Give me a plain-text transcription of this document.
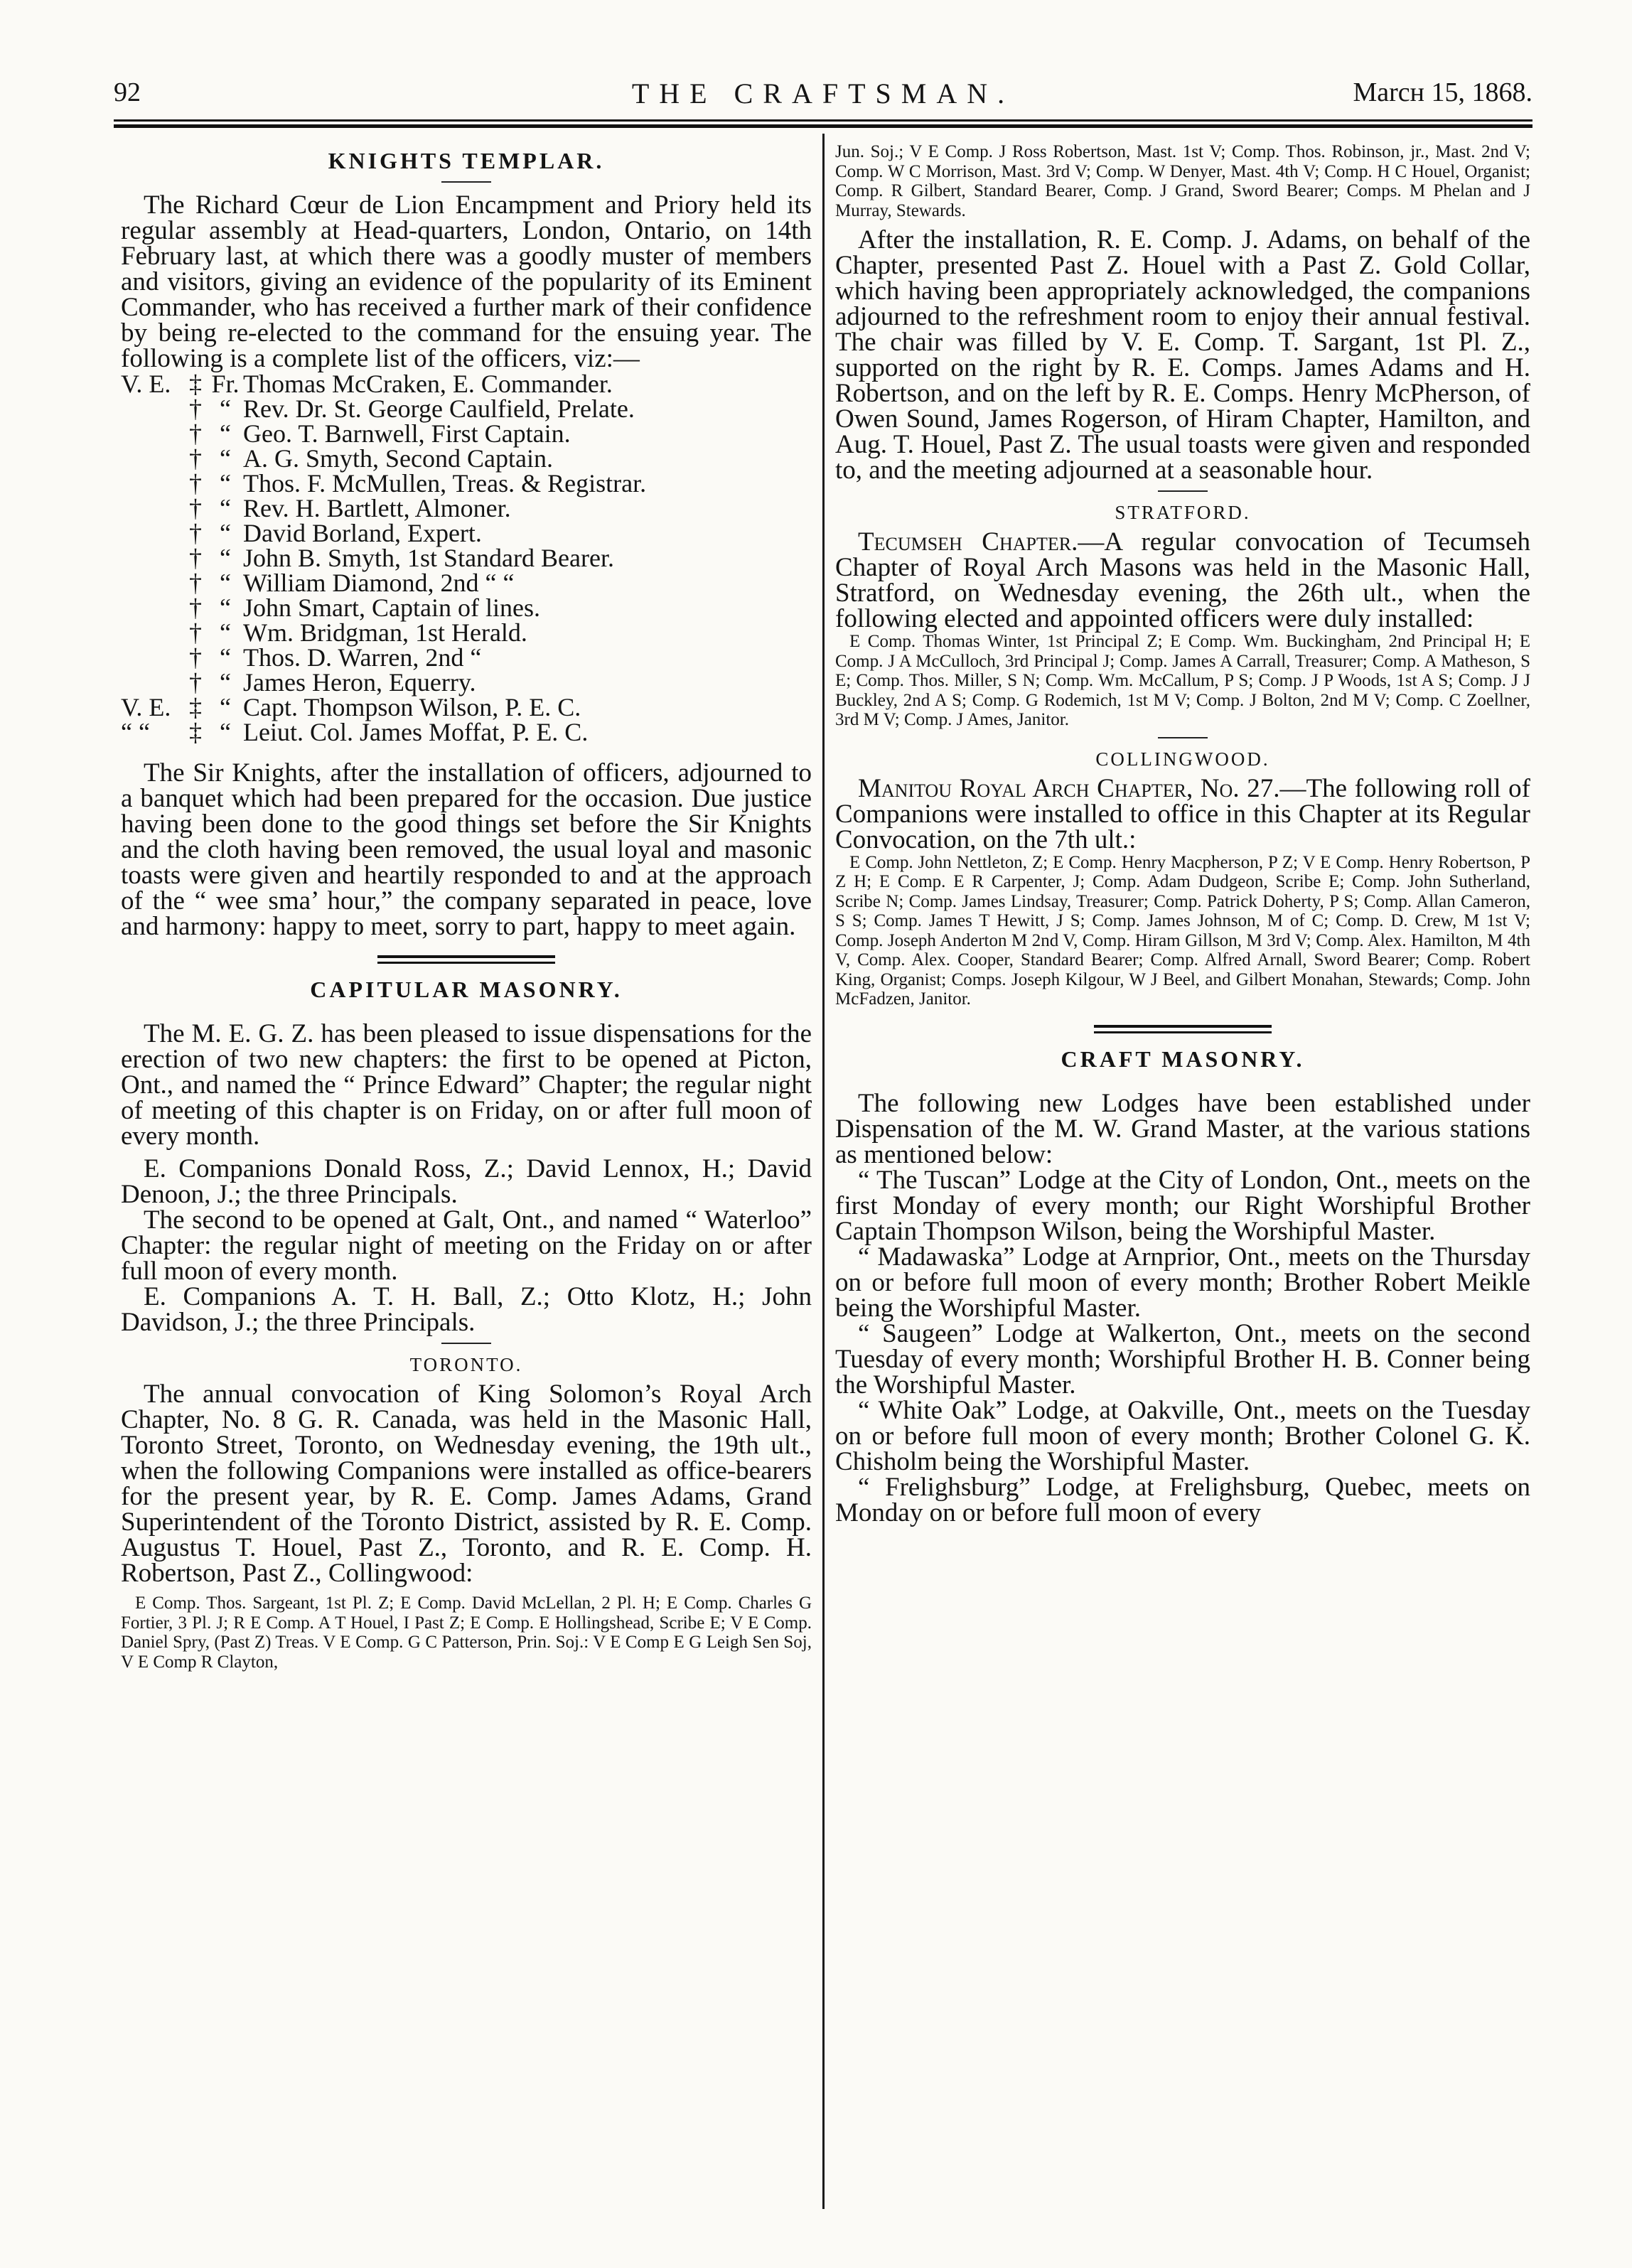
92	THE CRAFTSMAN.	Marcн 15, 1868.
KNIGHTS TEMPLAR.

The Richard Cœur de Lion Encampment and Priory held its regular assembly at Head-quarters, London, Ontario, on 14th February last, at which there was a goodly muster of members and visitors, giving an evidence of the popularity of its Eminent Commander, who has received a further mark of their confidence by being re-elected to the command for the ensuing year. The following is a complete list of the officers, viz:—

V. E.	‡	Fr.	Thomas McCraken, E. Commander.
	†	“	Rev. Dr. St. George Caulfield, Prelate.
	†	“	Geo. T. Barnwell, First Captain.
	†	“	A. G. Smyth, Second Captain.
	†	“	Thos. F. McMullen, Treas. & Registrar.
	†	“	Rev. H. Bartlett, Almoner.
	†	“	David Borland, Expert.
	†	“	John B. Smyth, 1st Standard Bearer.
	†	“	William Diamond, 2nd “ “
	†	“	John Smart, Captain of lines.
	†	“	Wm. Bridgman, 1st Herald.
	†	“	Thos. D. Warren, 2nd “
	†	“	James Heron, Equerry.
V. E.	‡	“	Capt. Thompson Wilson, P. E. C.
“ “	‡	“	Leiut. Col. James Moffat, P. E. C.

The Sir Knights, after the installation of officers, adjourned to a banquet which had been prepared for the occasion. Due justice having been done to the good things set before the Sir Knights and the cloth having been removed, the usual loyal and masonic toasts were given and heartily responded to and at the approach of the “ wee sma’ hour,” the company separated in peace, love and harmony: happy to meet, sorry to part, happy to meet again.

CAPITULAR MASONRY.

The M. E. G. Z. has been pleased to issue dispensations for the erection of two new chapters: the first to be opened at Picton, Ont., and named the “ Prince Edward” Chapter; the regular night of meeting of this chapter is on Friday, on or after full moon of every month.

E. Companions Donald Ross, Z.; David Lennox, H.; David Denoon, J.; the three Principals.

The second to be opened at Galt, Ont., and named “ Waterloo” Chapter: the regular night of meeting on the Friday on or after full moon of every month.

E. Companions A. T. H. Ball, Z.; Otto Klotz, H.; John Davidson, J.; the three Principals.

TORONTO.

The annual convocation of King Solomon’s Royal Arch Chapter, No. 8 G. R. Canada, was held in the Masonic Hall, Toronto Street, Toronto, on Wednesday evening, the 19th ult., when the following Companions were installed as office-bearers for the present year, by R. E. Comp. James Adams, Grand Superintendent of the Toronto District, assisted by R. E. Comp. Augustus T. Houel, Past Z., Toronto, and R. E. Comp. H. Robertson, Past Z., Collingwood:

E Comp. Thos. Sargeant, 1st Pl. Z; E Comp. David McLellan, 2 Pl. H; E Comp. Charles G Fortier, 3 Pl. J; R E Comp. A T Houel, I Past Z; E Comp. E Hollingshead, Scribe E; V E Comp. Daniel Spry, (Past Z) Treas. V E Comp. G C Patterson, Prin. Soj.: V E Comp E G Leigh Sen Soj, V E Comp R Clayton,

Jun. Soj.; V E Comp. J Ross Robertson, Mast. 1st V; Comp. Thos. Robinson, jr., Mast. 2nd V; Comp. W C Morrison, Mast. 3rd V; Comp. W Denyer, Mast. 4th V; Comp. H C Houel, Organist; Comp. R Gilbert, Standard Bearer, Comp. J Grand, Sword Bearer; Comps. M Phelan and J Murray, Stewards.

After the installation, R. E. Comp. J. Adams, on behalf of the Chapter, presented Past Z. Houel with a Past Z. Gold Collar, which having been appropriately acknowledged, the companions adjourned to the refreshment room to enjoy their annual festival. The chair was filled by V. E. Comp. T. Sargant, 1st Pl. Z., supported on the right by R. E. Comps. James Adams and H. Robertson, and on the left by R. E. Comps. Henry McPherson, of Owen Sound, James Rogerson, of Hiram Chapter, Hamilton, and Aug. T. Houel, Past Z. The usual toasts were given and responded to, and the meeting adjourned at a seasonable hour.

STRATFORD.

Tecumseh Chapter.—A regular convocation of Tecumseh Chapter of Royal Arch Masons was held in the Masonic Hall, Stratford, on Wednesday evening, the 26th ult., when the following elected and appointed officers were duly installed:

E Comp. Thomas Winter, 1st Principal Z; E Comp. Wm. Buckingham, 2nd Principal H; E Comp. J A McCulloch, 3rd Principal J; Comp. James A Carrall, Treasurer; Comp. A Matheson, S E; Comp. Thos. Miller, S N; Comp. Wm. McCallum, P S; Comp. J P Woods, 1st A S; Comp. J J Buckley, 2nd A S; Comp. G Rodemich, 1st M V; Comp. J Bolton, 2nd M V; Comp. C Zoellner, 3rd M V; Comp. J Ames, Janitor.

COLLINGWOOD.

Manitou Royal Arch Chapter, No. 27.—The following roll of Companions were installed to office in this Chapter at its Regular Convocation, on the 7th ult.:

E Comp. John Nettleton, Z; E Comp. Henry Macpherson, P Z; V E Comp. Henry Robertson, P Z H; E Comp. E R Carpenter, J; Comp. Adam Dudgeon, Scribe E; Comp. John Sutherland, Scribe N; Comp. James Lindsay, Treasurer; Comp. Patrick Doherty, P S; Comp. Allan Cameron, S S; Comp. James T Hewitt, J S; Comp. James Johnson, M of C; Comp. D. Crew, M 1st V; Comp. Joseph Anderton M 2nd V, Comp. Hiram Gillson, M 3rd V; Comp. Alex. Hamilton, M 4th V, Comp. Alex. Cooper, Standard Bearer; Comp. Alfred Arnall, Sword Bearer; Comp. Robert King, Organist; Comps. Joseph Kilgour, W J Beel, and Gilbert Monahan, Stewards; Comp. John McFadzen, Janitor.

CRAFT MASONRY.

The following new Lodges have been established under Dispensation of the M. W. Grand Master, at the various stations as mentioned below:

“ The Tuscan” Lodge at the City of London, Ont., meets on the first Monday of every month; our Right Worshipful Brother Captain Thompson Wilson, being the Worshipful Master.

“ Madawaska” Lodge at Arnprior, Ont., meets on the Thursday on or before full moon of every month; Brother Robert Meikle being the Worshipful Master.

“ Saugeen” Lodge at Walkerton, Ont., meets on the second Tuesday of every month; Worshipful Brother H. B. Conner being the Worshipful Master.

“ White Oak” Lodge, at Oakville, Ont., meets on the Tuesday on or before full moon of every month; Brother Colonel G. K. Chisholm being the Worshipful Master.

“ Frelighsburg” Lodge, at Frelighsburg, Quebec, meets on Monday on or before full moon of every
